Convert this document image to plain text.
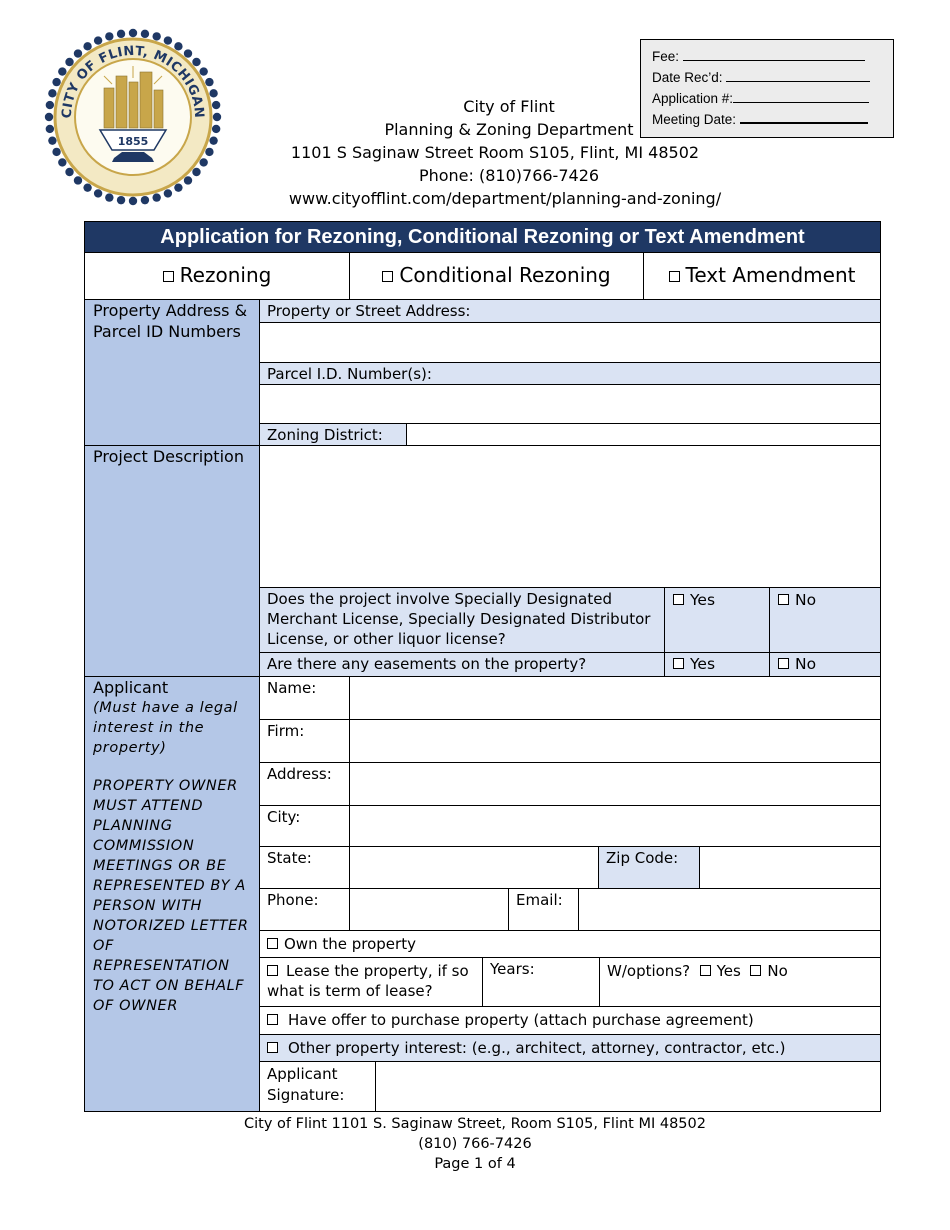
CITY OF FLINT, MICHIGAN
1855
City of Flint
Planning & Zoning Department
1101 S Saginaw Street Room S105, Flint, MI 48502
Phone: (810)766-7426
www.cityofflint.com/department/planning-and-zoning/
Fee:
Date Rec’d:
Application #:
Meeting Date:
Application for Rezoning, Conditional Rezoning or Text Amendment
Rezoning	Conditional Rezoning	Text Amendment
Property Address & Parcel ID Numbers
Property or Street Address:
Parcel I.D. Number(s):
Zoning District:
Project Description
Does the project involve Specially Designated Merchant License, Specially Designated Distributor License, or other liquor license?
Yes	No
Are there any easements on the property?	Yes	No
Applicant
(Must have a legal interest in the property)
PROPERTY OWNER MUST ATTEND PLANNING COMMISSION MEETINGS OR BE REPRESENTED BY A PERSON WITH NOTORIZED LETTER OF REPRESENTATION TO ACT ON BEHALF OF OWNER
Name:
Firm:
Address:
City:
State:	Zip Code:
Phone:	Email:
Own the property
Lease the property, if so what is term of lease?
Years:	W/options? Yes No
Have offer to purchase property (attach purchase agreement)
Other property interest: (e.g., architect, attorney, contractor, etc.)
Applicant Signature:
City of Flint 1101 S. Saginaw Street, Room S105, Flint MI 48502
(810) 766-7426
Page 1 of 4
